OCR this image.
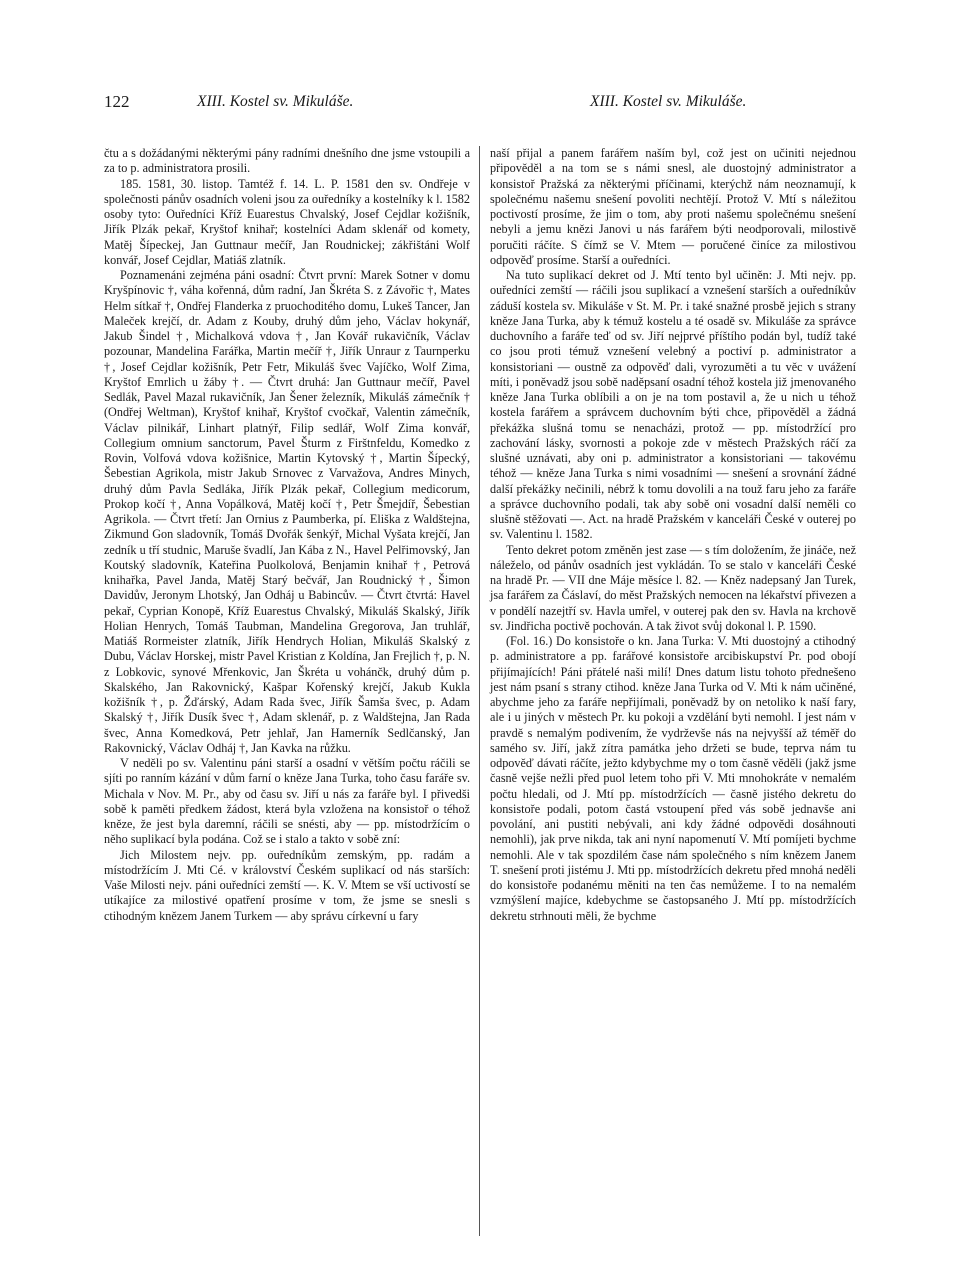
122	XIII. Kostel sv. Mikuláše.	XIII. Kostel sv. Mikuláše.

čtu a s dožádanými některými pány radními dnešního dne jsme vstoupili a za to p. administratora prosili.

185. 1581, 30. listop. Tamtéž f. 14. L. P. 1581 den sv. Ondřeje v společnosti pánův osadních voleni jsou za ouředníky a kostelníky k l. 1582 osoby tyto: Ouředníci Kříž Euarestus Chvalský, Josef Cejdlar kožišník, Jiřík Plzák pekař, Kryštof knihař; kostelníci Adam sklenář od komety, Matěj Šípeckej, Jan Guttnaur mečíř, Jan Roudnickej; zákřištáni Wolf konvář, Josef Cejdlar, Matiáš zlatník.

Poznamenáni zejména páni osadní: Čtvrt první: Marek Sotner v domu Kryšpínovic †, váha kořenná, dům radní, Jan Škréta S. z Závořic †, Mates Helm sítkař †, Ondřej Flanderka z pruochoditého domu, Lukeš Tancer, Jan Maleček krejčí, dr. Adam z Kouby, druhý dům jeho, Václav hokynář, Jakub Šindel †, Michalková vdova †, Jan Kovář rukavičník, Václav pozounar, Mandelina Farářka, Martin mečíř †, Jiřík Unraur z Taurnperku †, Josef Cejdlar kožišník, Petr Fetr, Mikuláš švec Vajíčko, Wolf Zima, Kryštof Emrlich u žáby †. — Čtvrt druhá: Jan Guttnaur mečíř, Pavel Sedlák, Pavel Mazal rukavičník, Jan Šener železník, Mikuláš zámečník † (Ondřej Weltman), Kryštof knihař, Kryštof cvočkař, Valentin zámečník, Václav pilnikář, Linhart platnýř, Filip sedlář, Wolf Zima konvář, Collegium omnium sanctorum, Pavel Šturm z Firštnfeldu, Komedko z Rovin, Volfová vdova kožišnice, Martin Kytovský †, Martin Šípecký, Šebestian Agrikola, mistr Jakub Srnovec z Varvažova, Andres Minych, druhý dům Pavla Sedláka, Jiřík Plzák pekař, Collegium medicorum, Prokop kočí †, Anna Vopálková, Matěj kočí †, Petr Šmejdíř, Šebestian Agrikola. — Čtvrt třetí: Jan Ornius z Paumberka, pí. Eliška z Waldštejna, Zikmund Gon sladovník, Tomáš Dvořák šenkýř, Michal Vyšata krejčí, Jan zedník u tří studnic, Maruše švadlí, Jan Kába z N., Havel Pelřimovský, Jan Koutský sladovník, Kateřina Puolkolová, Benjamin knihař †, Petrová knihařka, Pavel Janda, Matěj Starý bečvář, Jan Roudnický †, Šimon Davidův, Jeronym Lhotský, Jan Odháj u Babincův. — Čtvrt čtvrtá: Havel pekař, Cyprian Konopě, Kříž Euarestus Chvalský, Mikuláš Skalský, Jiřík Holian Henrych, Tomáš Taubman, Mandelina Gregorova, Jan truhlář, Matiáš Rormeister zlatník, Jiřík Hendrych Holian, Mikuláš Skalský z Dubu, Václav Horskej, mistr Pavel Kristian z Koldína, Jan Frejlich †, p. N. z Lobkovic, synové Mřenkovic, Jan Škréta u vohánčk, druhý dům p. Skalského, Jan Rakovnický, Kašpar Kořenský krejčí, Jakub Kukla kožišník †, p. Žďárský, Adam Rada švec, Jiřík Šamša švec, p. Adam Skalský †, Jiřík Dusík švec †, Adam sklenář, p. z Waldštejna, Jan Rada švec, Anna Komedková, Petr jehlař, Jan Hamerník Sedlčanský, Jan Rakovnický, Václav Odháj †, Jan Kavka na růžku.

V neděli po sv. Valentinu páni starší a osadní v větším počtu ráčili se sjíti po ranním kázání v dům farní o kněze Jana Turka, toho času faráře sv. Michala v Nov. M. Pr., aby od času sv. Jiří u nás za faráře byl. I přivedši sobě k paměti předkem žádost, která byla vzložena na konsistoř o téhož kněze, že jest byla daremní, ráčili se snésti, aby — pp. místodržícím o něho suplikací byla podána. Což se i stalo a takto v sobě zní:

Jich Milostem nejv. pp. ouředníkům zemským, pp. radám a místodržícím J. Mti Cé. v království Českém suplikací od nás starších: Vaše Milosti nejv. páni ouředníci zemští —. K. V. Mtem se vší uctivostí se utíkajíce za milostivé opatření prosíme v tom, že jsme se snesli s ctihodným knězem Janem Turkem — aby správu církevní u fary

naší přijal a panem farářem naším byl, což jest on učiniti nejednou připověděl a na tom se s námi snesl, ale duostojný administrator a konsistoř Pražská za některými příčinami, kterýchž nám neoznamují, k společnému našemu snešení povoliti nechtějí. Protož V. Mtí s náležitou poctivostí prosíme, že jim o tom, aby proti našemu společnému snešení nebyli a jemu knězi Janovi u nás farářem býti neodporovali, milostivě poručiti ráčíte. S čímž se V. Mtem — poručené činíce za milostivou odpověď prosíme. Starší a ouředníci.

Na tuto suplikací dekret od J. Mtí tento byl učiněn: J. Mti nejv. pp. ouředníci zemští — ráčili jsou suplikací a vznešení starších a ouředníkův záduší kostela sv. Mikuláše v St. M. Pr. i také snažné prosbě jejich s strany kněze Jana Turka, aby k témuž kostelu a té osadě sv. Mikuláše za správce duchovního a faráře teď od sv. Jiří nejprvé příštího podán byl, tudíž také co jsou proti témuž vznešení velebný a poctiví p. administrator a konsistoriani — oustně za odpověď dali, vyrozuměti a tu věc v uvážení míti, i poněvadž jsou sobě naděpsaní osadní téhož kostela již jmenovaného kněze Jana Turka oblíbili a on je na tom postavil a, že u nich u téhož kostela farářem a správcem duchovním býti chce, připověděl a žádná překážka slušná tomu se nenacházi, protož — pp. místodržící pro zachování lásky, svornosti a pokoje zde v městech Pražských ráčí za slušné uznávati, aby oni p. administrator a konsistoriani — takovému téhož — kněze Jana Turka s nimi vosadními — snešení a srovnání žádné další překážky nečinili, nébrž k tomu dovolili a na touž faru jeho za faráře a správce duchovního podali, tak aby sobě oni vosadní další neměli co slušně stěžovati —. Act. na hradě Pražském v kanceláři České v outerej po sv. Valentinu l. 1582.

Tento dekret potom změněn jest zase — s tím doložením, že jináče, než náleželo, od pánův osadních jest vykládán. To se stalo v kanceláři České na hradě Pr. — VII dne Máje měsíce l. 82. — Kněz nadepsaný Jan Turek, jsa farářem za Čáslaví, do měst Pražských nemocen na lékařství přivezen a v pondělí nazejtří sv. Havla umřel, v outerej pak den sv. Havla na krchově sv. Jindřicha poctivě pochován. A tak život svůj dokonal l. P. 1590.

(Fol. 16.) Do konsistoře o kn. Jana Turka: V. Mti duostojný a ctihodný p. administratore a pp. farářové konsistoře arcibiskupství Pr. pod obojí přijímajících! Páni přátelé naši milí! Dnes datum listu tohoto přednešeno jest nám psaní s strany ctihod. kněze Jana Turka od V. Mti k nám učiněné, abychme jeho za faráře nepřijímali, poněvadž by on netoliko k naší fary, ale i u jiných v městech Pr. ku pokoji a vzdělání byti nemohl. I jest nám v pravdě s nemalým podivením, že vydrževše nás na nejvyšší až téměř do samého sv. Jiří, jakž zítra památka jeho držeti se bude, teprva nám tu odpověď dávati ráčíte, ježto kdybychme my o tom časně věděli (jakž jsme časně vejše nežli před puol letem toho při V. Mti mnohokráte v nemalém počtu hledali, od J. Mtí pp. místodržících — časně jistého dekretu do konsistoře podali, potom častá vstoupení před vás sobě jednavše ani povolání, ani pustiti nebývali, ani kdy žádné odpovědi dosáhnouti nemohli), jak prve nikda, tak ani nyní napomenutí V. Mtí pomíjeti bychme nemohli. Ale v tak spozdilém čase nám společného s ním knězem Janem T. snešení proti jistému J. Mti pp. místodržících dekretu před mnohá neděli do konsistoře podanému měniti na ten čas nemůžeme. I to na nemalém vzmýšlení majíce, kdebychme se častopsaného J. Mtí pp. místodržících dekretu strhnouti měli, že bychme
